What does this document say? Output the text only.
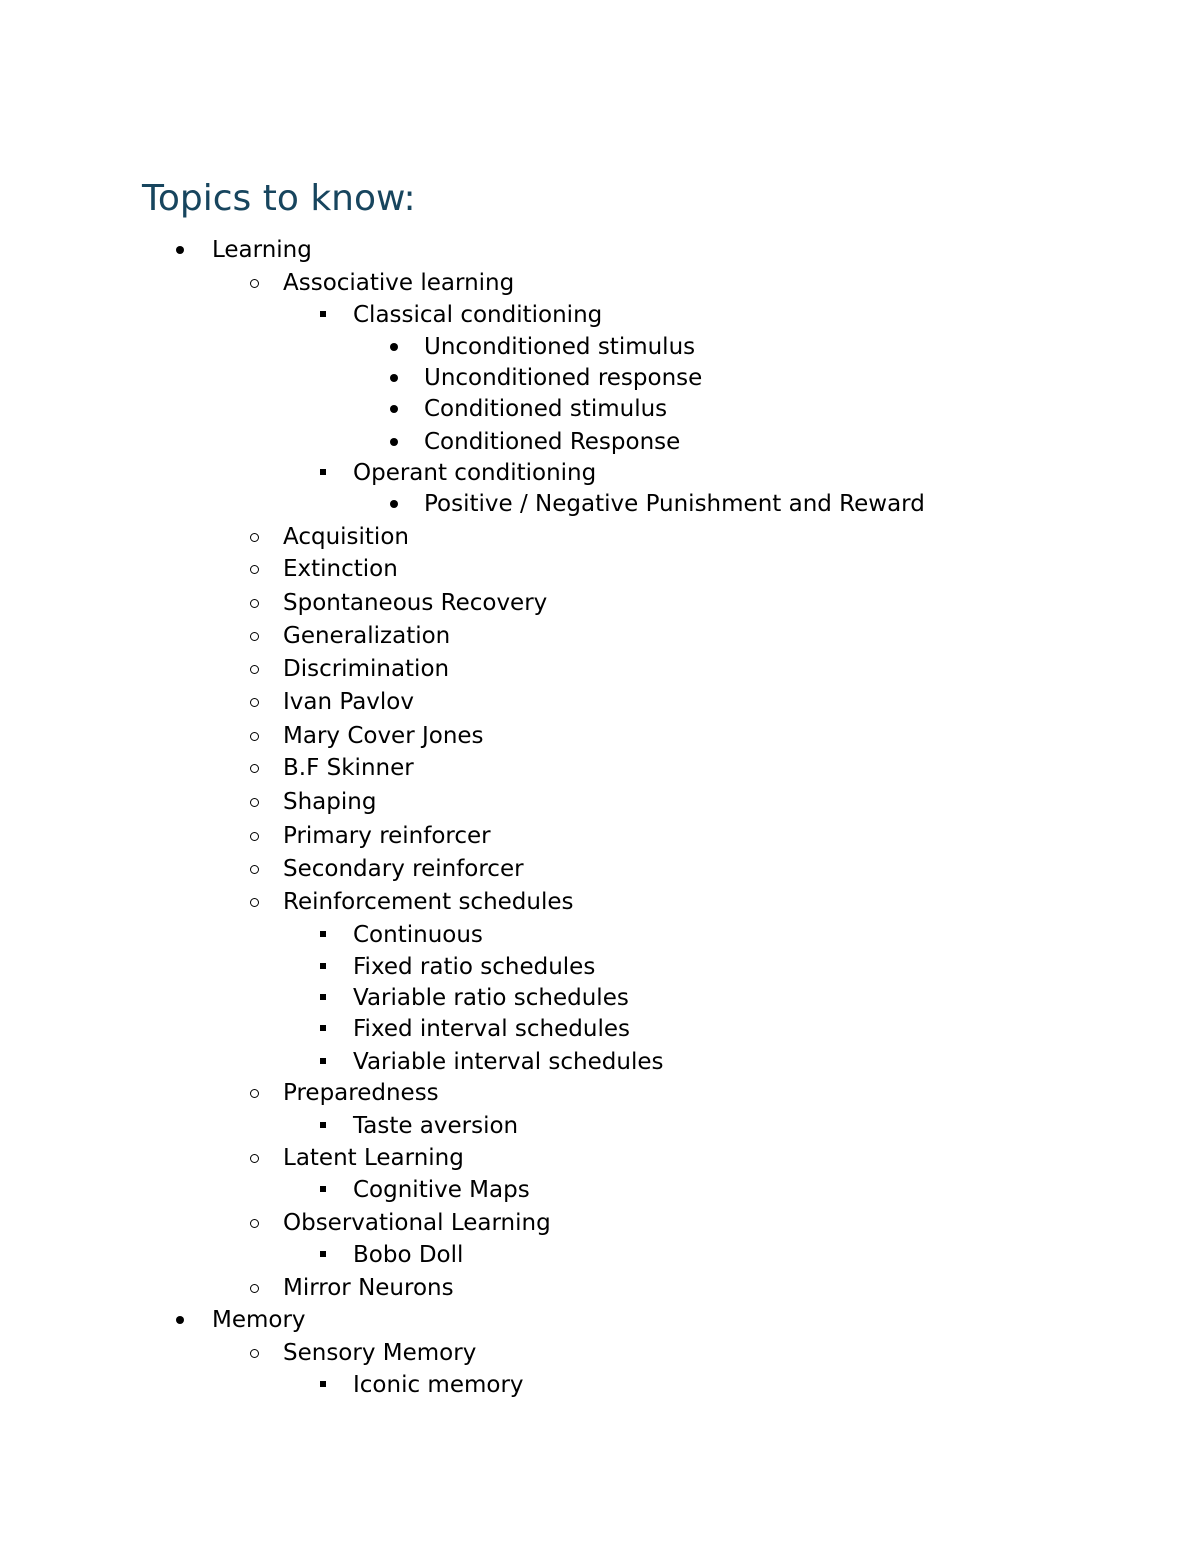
Topics to know:
Learning
Associative learning
Classical conditioning
Unconditioned stimulus
Unconditioned response
Conditioned stimulus
Conditioned Response
Operant conditioning
Positive / Negative Punishment and Reward
Acquisition
Extinction
Spontaneous Recovery
Generalization
Discrimination
Ivan Pavlov
Mary Cover Jones
B.F Skinner
Shaping
Primary reinforcer
Secondary reinforcer
Reinforcement schedules
Continuous
Fixed ratio schedules
Variable ratio schedules
Fixed interval schedules
Variable interval schedules
Preparedness
Taste aversion
Latent Learning
Cognitive Maps
Observational Learning
Bobo Doll
Mirror Neurons
Memory
Sensory Memory
Iconic memory
